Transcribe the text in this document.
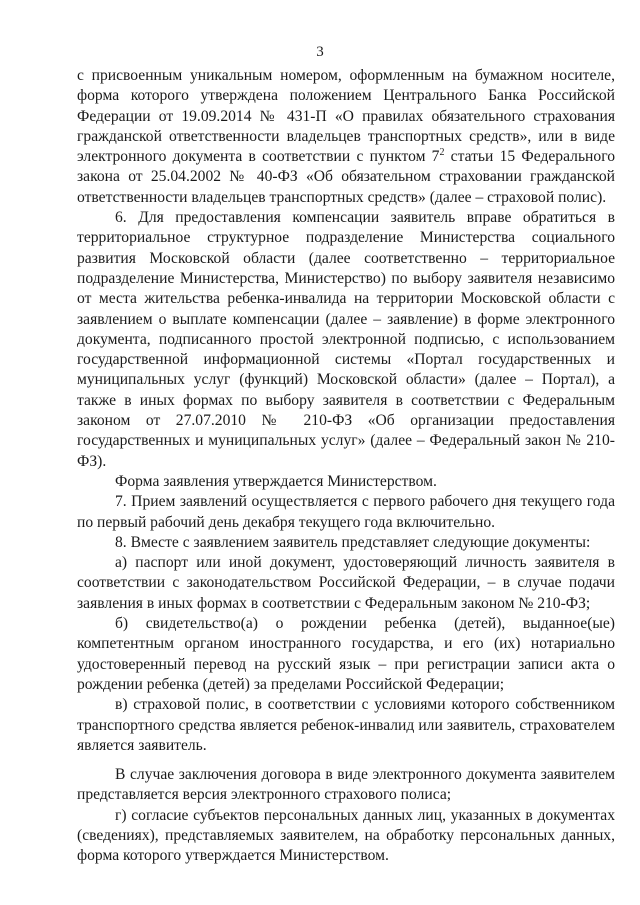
3

с присвоенным уникальным номером, оформленным на бумажном носителе, форма которого утверждена положением Центрального Банка Российской Федерации от 19.09.2014 № 431-П «О правилах обязательного страхования гражданской ответственности владельцев транспортных средств», или в виде электронного документа в соответствии с пунктом $7^2$ статьи 15 Федерального закона от 25.04.2002 № 40-ФЗ «Об обязательном страховании гражданской ответственности владельцев транспортных средств» (далее – страховой полис).

6. Для предоставления компенсации заявитель вправе обратиться в территориальное структурное подразделение Министерства социального развития Московской области (далее соответственно – территориальное подразделение Министерства, Министерство) по выбору заявителя независимо от места жительства ребенка-инвалида на территории Московской области с заявлением о выплате компенсации (далее – заявление) в форме электронного документа, подписанного простой электронной подписью, с использованием государственной информационной системы «Портал государственных и муниципальных услуг (функций) Московской области» (далее – Портал), а также в иных формах по выбору заявителя в соответствии с Федеральным законом от 27.07.2010 № 210-ФЗ «Об организации предоставления государственных и муниципальных услуг» (далее – Федеральный закон № 210-ФЗ).

Форма заявления утверждается Министерством.

7. Прием заявлений осуществляется с первого рабочего дня текущего года по первый рабочий день декабря текущего года включительно.

8. Вместе с заявлением заявитель представляет следующие документы:

а) паспорт или иной документ, удостоверяющий личность заявителя в соответствии с законодательством Российской Федерации, – в случае подачи заявления в иных формах в соответствии с Федеральным законом № 210-ФЗ;

б) свидетельство(а) о рождении ребенка (детей), выданное(ые) компетентным органом иностранного государства, и его (их) нотариально удостоверенный перевод на русский язык – при регистрации записи акта о рождении ребенка (детей) за пределами Российской Федерации;

в) страховой полис, в соответствии с условиями которого собственником транспортного средства является ребенок-инвалид или заявитель, страхователем является заявитель.

В случае заключения договора в виде электронного документа заявителем представляется версия электронного страхового полиса;

г) согласие субъектов персональных данных лиц, указанных в документах (сведениях), представляемых заявителем, на обработку персональных данных, форма которого утверждается Министерством.
